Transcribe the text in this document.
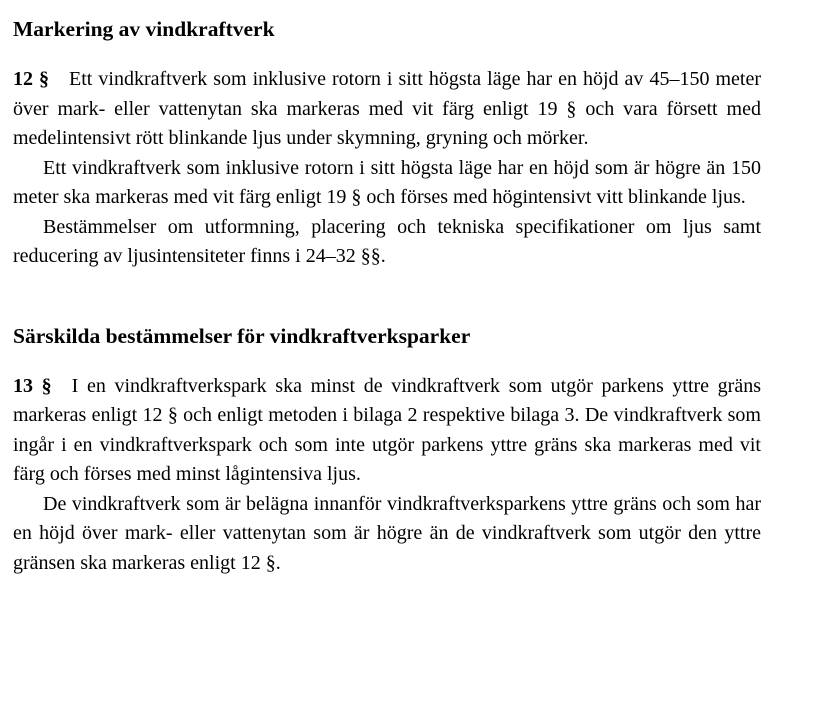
Markering av vindkraftverk

12 § Ett vindkraftverk som inklusive rotorn i sitt högsta läge har en höjd av 45–150 meter över mark- eller vattenytan ska markeras med vit färg enligt 19 § och vara försett med medelintensivt rött blinkande ljus under skymning, gryning och mörker.

Ett vindkraftverk som inklusive rotorn i sitt högsta läge har en höjd som är högre än 150 meter ska markeras med vit färg enligt 19 § och förses med högintensivt vitt blinkande ljus.

Bestämmelser om utformning, placering och tekniska specifikationer om ljus samt reducering av ljusintensiteter finns i 24–32 §§.

Särskilda bestämmelser för vindkraftverksparker

13 § I en vindkraftverkspark ska minst de vindkraftverk som utgör parkens yttre gräns markeras enligt 12 § och enligt metoden i bilaga 2 respektive bilaga 3. De vindkraftverk som ingår i en vindkraftverkspark och som inte utgör parkens yttre gräns ska markeras med vit färg och förses med minst lågintensiva ljus.

De vindkraftverk som är belägna innanför vindkraftverksparkens yttre gräns och som har en höjd över mark- eller vattenytan som är högre än de vindkraftverk som utgör den yttre gränsen ska markeras enligt 12 §.
